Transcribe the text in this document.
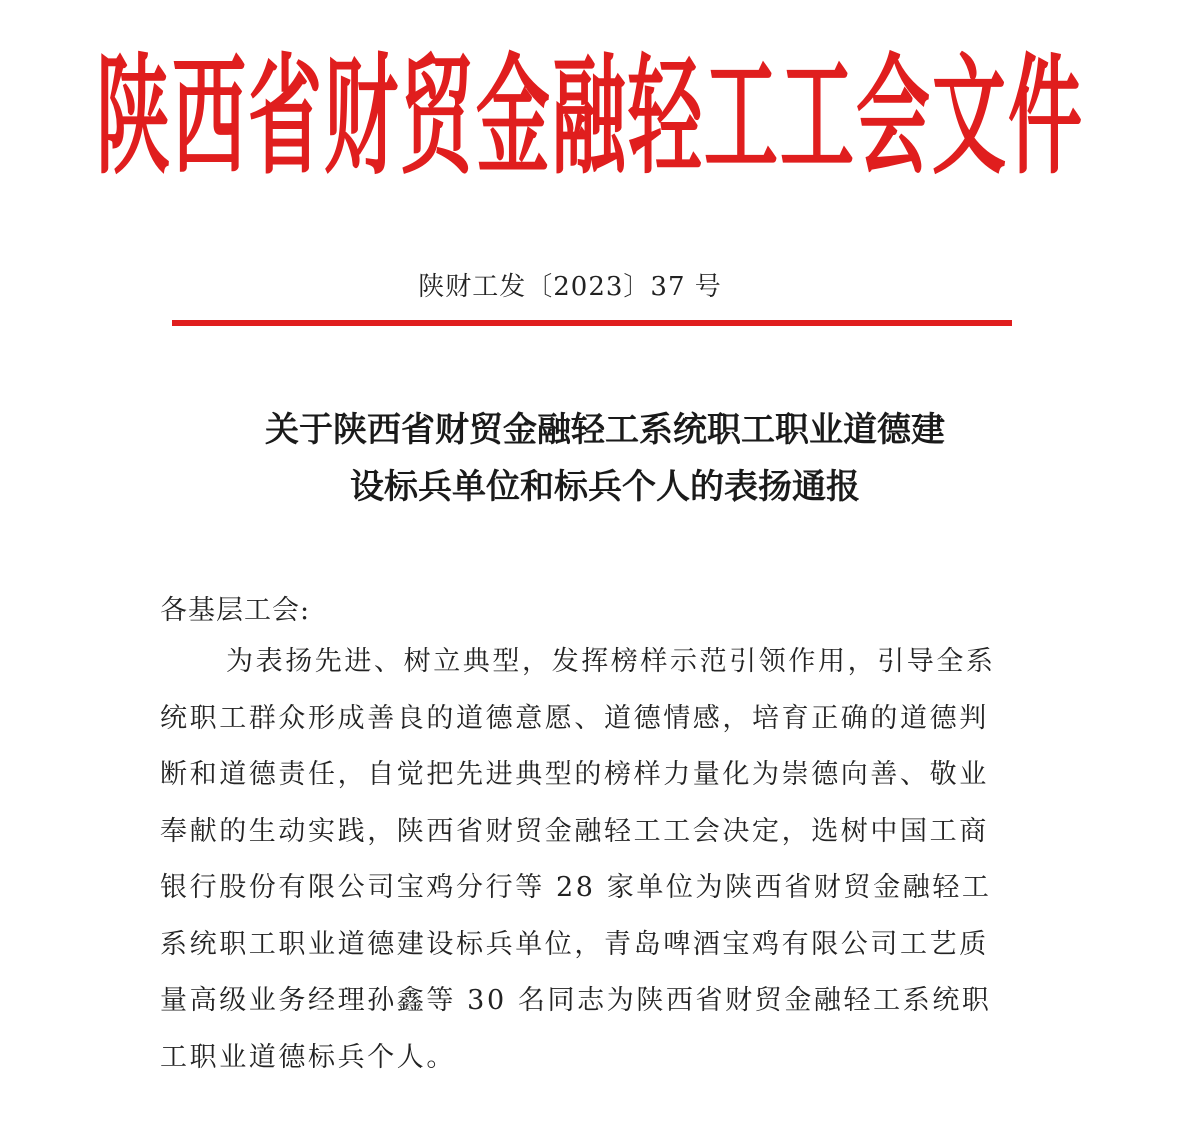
陕西省财贸金融轻工工会文件
陕财工发〔2023〕37 号
关于陕西省财贸金融轻工系统职工职业道德建
设标兵单位和标兵个人的表扬通报
各基层工会:
为表扬先进、树立典型，发挥榜样示范引领作用，引导全系
统职工群众形成善良的道德意愿、道德情感，培育正确的道德判
断和道德责任，自觉把先进典型的榜样力量化为崇德向善、敬业
奉献的生动实践，陕西省财贸金融轻工工会决定，选树中国工商
银行股份有限公司宝鸡分行等 28 家单位为陕西省财贸金融轻工
系统职工职业道德建设标兵单位，青岛啤酒宝鸡有限公司工艺质
量高级业务经理孙鑫等 30 名同志为陕西省财贸金融轻工系统职
工职业道德标兵个人。
